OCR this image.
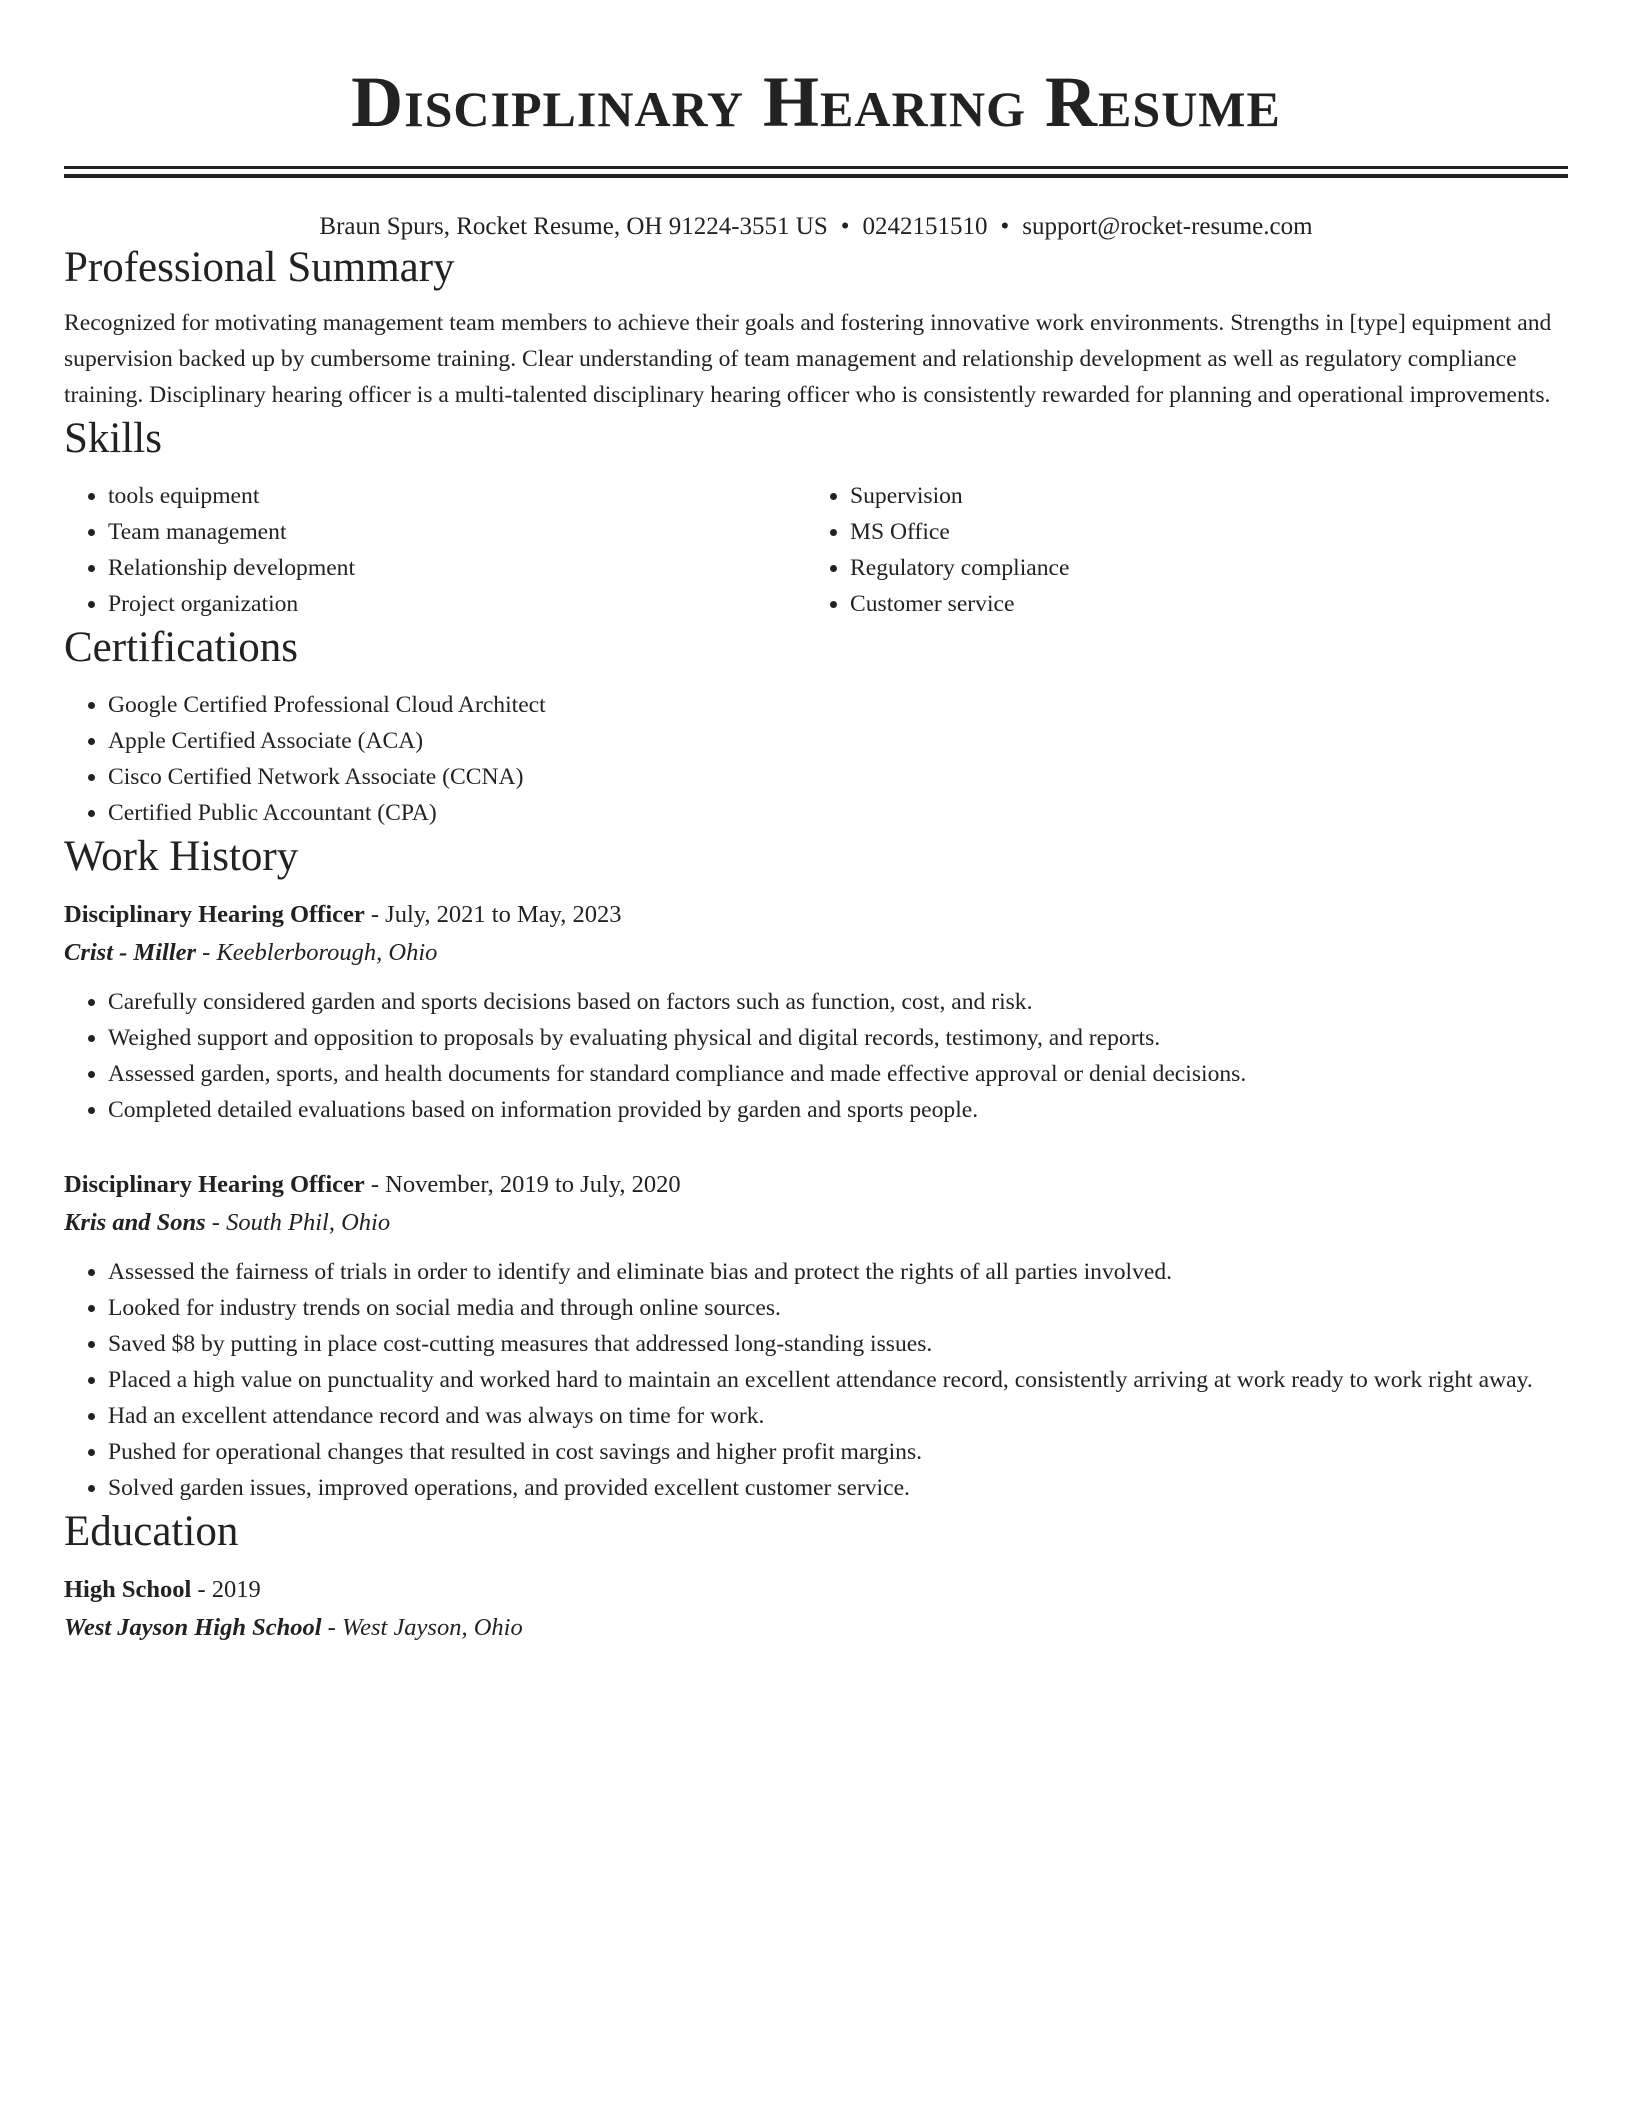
Disciplinary Hearing Resume
Braun Spurs, Rocket Resume, OH 91224-3551 US • 0242151510 • support@rocket-resume.com
Professional Summary

Recognized for motivating management team members to achieve their goals and fostering innovative work environments. Strengths in [type] equipment and supervision backed up by cumbersome training. Clear understanding of team management and relationship development as well as regulatory compliance training. Disciplinary hearing officer is a multi-talented disciplinary hearing officer who is consistently rewarded for planning and operational improvements.

Skills
• tools equipment
• Team management
• Relationship development
• Project organization
• Supervision
• MS Office
• Regulatory compliance
• Customer service
Certifications
• Google Certified Professional Cloud Architect
• Apple Certified Associate (ACA)
• Cisco Certified Network Associate (CCNA)
• Certified Public Accountant (CPA)
Work History
Disciplinary Hearing Officer - July, 2021 to May, 2023
Crist - Miller - Keeblerborough, Ohio
• Carefully considered garden and sports decisions based on factors such as function, cost, and risk.
• Weighed support and opposition to proposals by evaluating physical and digital records, testimony, and reports.
• Assessed garden, sports, and health documents for standard compliance and made effective approval or denial decisions.
• Completed detailed evaluations based on information provided by garden and sports people.
Disciplinary Hearing Officer - November, 2019 to July, 2020
Kris and Sons - South Phil, Ohio
• Assessed the fairness of trials in order to identify and eliminate bias and protect the rights of all parties involved.
• Looked for industry trends on social media and through online sources.
• Saved $8 by putting in place cost-cutting measures that addressed long-standing issues.
• Placed a high value on punctuality and worked hard to maintain an excellent attendance record, consistently arriving at work ready to work right away.
• Had an excellent attendance record and was always on time for work.
• Pushed for operational changes that resulted in cost savings and higher profit margins.
• Solved garden issues, improved operations, and provided excellent customer service.
Education
High School - 2019
West Jayson High School - West Jayson, Ohio
